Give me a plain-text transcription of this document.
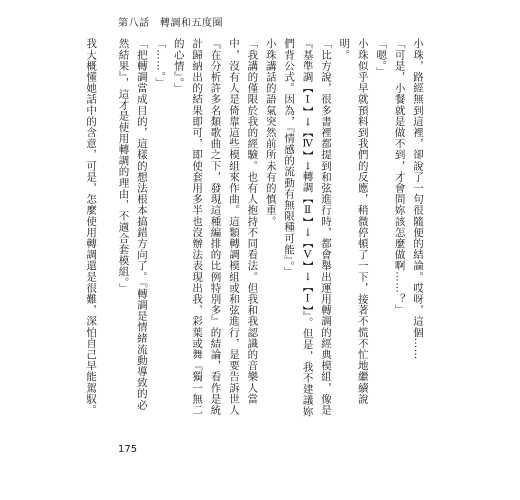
第八話　轉調和五度圈
小珠，路經無到這裡，卻說了一句很隨便的結論。哎呀，這個……
「可是，小餐就是做不到，才會問妳該怎麼做啊……？」
「嗯。」
小珠似乎早就預料到我們的反應，稍微停頓了一下，接著不慌不忙地繼續說明。
「比方說，很多書裡都提到和弦進行時，都會舉出運用轉調的經典模組，像是『基準調【Ⅰ】→【Ⅳ】→轉調【Ⅱ】→【Ⅴ】→【Ⅰ】』。但是，我不建議妳們背公式。因為，『情感的流動有無限種可能』。」
小珠講話的語氣突然前所未有的慎重。
「我講的僅限於我的經驗。也有人抱持不同看法。但我和我認識的音樂人當中，沒有人是倚靠這些模組來作曲。這類轉調模組或和弦進行，是要告訴世人『在分析許多名類歌曲之下，發現這種編排的比例特別多』的結論，看作是統計歸納出的結果即可，即使套用多半也沒辦法表現出我、彩葉或舞『獨一無二的心情』。」
「……。」
「把轉調當成目的，這樣的想法根本搞錯方向了。『轉調是情緒流動導致的必然結果』，這才是使用轉調的理由，不適合套模組。」
我大概懂她話中的含意，可是，怎麼使用轉調還是很難，深怕自己早能駕馭。
175
